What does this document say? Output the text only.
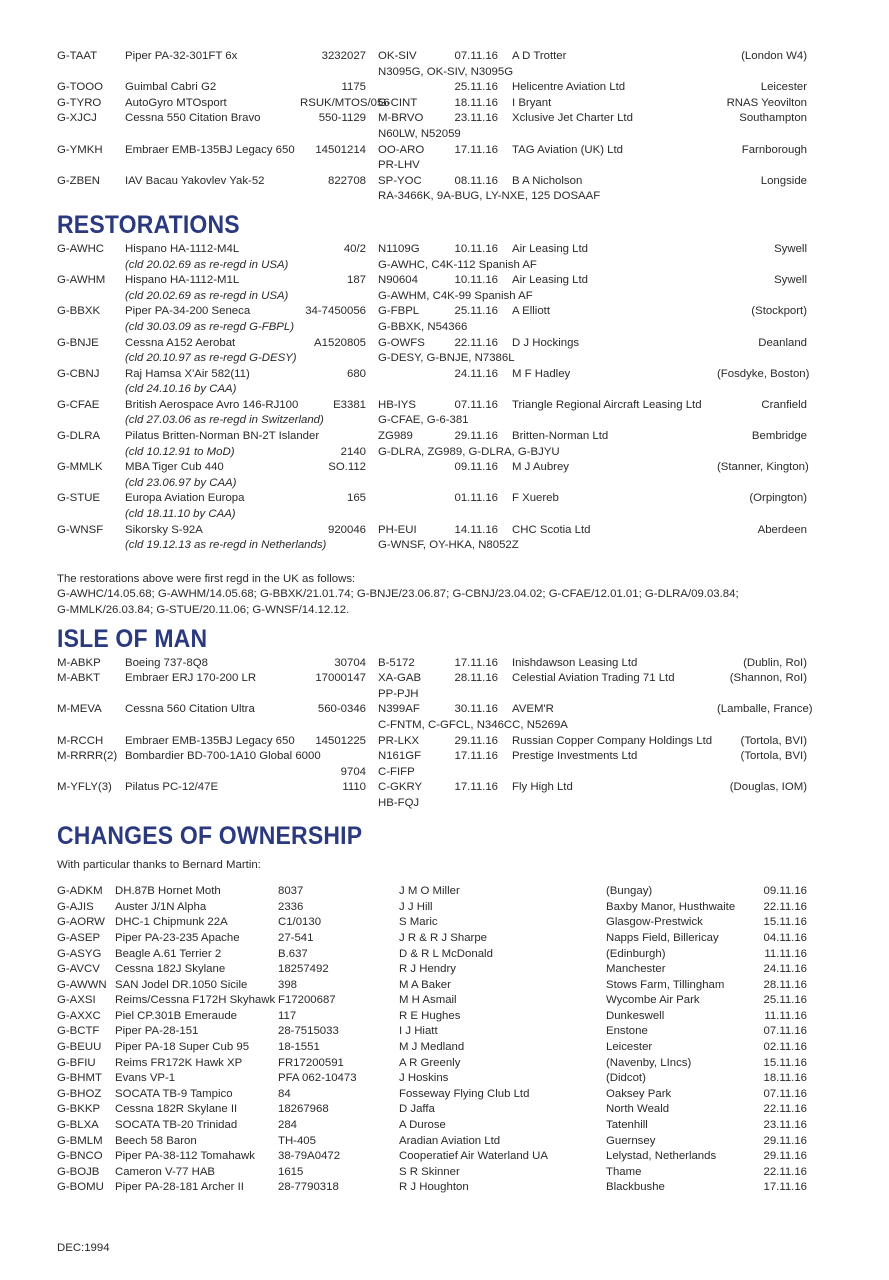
G-TAAT	Piper PA-32-301FT 6x	3232027	OK-SIV	07.11.16	A D Trotter	(London W4)
			N3095G, OK-SIV, N3095G			
G-TOOO	Guimbal Cabri G2	1175		25.11.16	Helicentre Aviation Ltd	Leicester
G-TYRO	AutoGyro MTOsport	RSUK/MTOS/056	G-CINT	18.11.16	I Bryant	RNAS Yeovilton
G-XJCJ	Cessna 550 Citation Bravo	550-1129	M-BRVO	23.11.16	Xclusive Jet Charter Ltd	Southampton
			N60LW, N52059			
G-YMKH	Embraer EMB-135BJ Legacy 650	14501214	OO-ARO	17.11.16	TAG Aviation (UK) Ltd	Farnborough
			PR-LHV			
G-ZBEN	IAV Bacau Yakovlev Yak-52	822708	SP-YOC	08.11.16	B A Nicholson	Longside
			RA-3466K, 9A-BUG, LY-NXE, 125 DOSAAF			
RESTORATIONS
G-AWHC	Hispano HA-1112-M4L	40/2	N1109G	10.11.16	Air Leasing Ltd	Sywell
	(cld 20.02.69 as re-regd in USA)		G-AWHC, C4K-112 Spanish AF			
G-AWHM	Hispano HA-1112-M1L	187	N90604	10.11.16	Air Leasing Ltd	Sywell
	(cld 20.02.69 as re-regd in USA)		G-AWHM, C4K-99 Spanish AF			
G-BBXK	Piper PA-34-200 Seneca	34-7450056	G-FBPL	25.11.16	A Elliott	(Stockport)
	(cld 30.03.09 as re-regd G-FBPL)		G-BBXK, N54366			
G-BNJE	Cessna A152 Aerobat	A1520805	G-OWFS	22.11.16	D J Hockings	Deanland
	(cld 20.10.97 as re-regd G-DESY)		G-DESY, G-BNJE, N7386L			
G-CBNJ	Raj Hamsa X'Air 582(11)	680		24.11.16	M F Hadley	(Fosdyke, Boston)
	(cld 24.10.16 by CAA)					
G-CFAE	British Aerospace Avro 146-RJ100	E3381	HB-IYS	07.11.16	Triangle Regional Aircraft Leasing Ltd	Cranfield
	(cld 27.03.06 as re-regd in Switzerland)		G-CFAE, G-6-381			
G-DLRA	Pilatus Britten-Norman BN-2T Islander		ZG989	29.11.16	Britten-Norman Ltd	Bembridge
	(cld 10.12.91 to MoD)	2140	G-DLRA, ZG989, G-DLRA, G-BJYU			
G-MMLK	MBA Tiger Cub 440	SO.112		09.11.16	M J Aubrey	(Stanner, Kington)
	(cld 23.06.97 by CAA)					
G-STUE	Europa Aviation Europa	165		01.11.16	F Xuereb	(Orpington)
	(cld 18.11.10 by CAA)					
G-WNSF	Sikorsky S-92A	920046	PH-EUI	14.11.16	CHC Scotia Ltd	Aberdeen
	(cld 19.12.13 as re-regd in Netherlands)		G-WNSF, OY-HKA, N8052Z			

The restorations above were first regd in the UK as follows:
G-AWHC/14.05.68; G-AWHM/14.05.68; G-BBXK/21.01.74; G-BNJE/23.06.87; G-CBNJ/23.04.02; G-CFAE/12.01.01; G-DLRA/09.03.84;
G-MMLK/26.03.84; G-STUE/20.11.06; G-WNSF/14.12.12.

ISLE OF MAN
M-ABKP	Boeing 737-8Q8	30704	B-5172	17.11.16	Inishdawson Leasing Ltd	(Dublin, RoI)
M-ABKT	Embraer ERJ 170-200 LR	17000147	XA-GAB	28.11.16	Celestial Aviation Trading 71 Ltd	(Shannon, RoI)
			PP-PJH			
M-MEVA	Cessna 560 Citation Ultra	560-0346	N399AF	30.11.16	AVEM'R	(Lamballe, France)
			C-FNTM, C-GFCL, N346CC, N5269A			
M-RCCH	Embraer EMB-135BJ Legacy 650	14501225	PR-LKX	29.11.16	Russian Copper Company Holdings Ltd	(Tortola, BVI)
M-RRRR(2)	Bombardier BD-700-1A10 Global 6000		N161GF	17.11.16	Prestige Investments Ltd	(Tortola, BVI)
		9704	C-FIFP			
M-YFLY(3)	Pilatus PC-12/47E	1110	C-GKRY	17.11.16	Fly High Ltd	(Douglas, IOM)
			HB-FQJ			
CHANGES OF OWNERSHIP

With particular thanks to Bernard Martin:

G-ADKM	DH.87B Hornet Moth	8037	J M O Miller	(Bungay)	09.11.16
G-AJIS	Auster J/1N Alpha	2336	J J Hill	Baxby Manor, Husthwaite	22.11.16
G-AORW	DHC-1 Chipmunk 22A	C1/0130	S Maric	Glasgow-Prestwick	15.11.16
G-ASEP	Piper PA-23-235 Apache	27-541	J R & R J Sharpe	Napps Field, Billericay	04.11.16
G-ASYG	Beagle A.61 Terrier 2	B.637	D & R L McDonald	(Edinburgh)	11.11.16
G-AVCV	Cessna 182J Skylane	18257492	R J Hendry	Manchester	24.11.16
G-AWWN	SAN Jodel DR.1050 Sicile	398	M A Baker	Stows Farm, Tillingham	28.11.16
G-AXSI	Reims/Cessna F172H Skyhawk	F17200687	M H Asmail	Wycombe Air Park	25.11.16
G-AXXC	Piel CP.301B Emeraude	117	R E Hughes	Dunkeswell	11.11.16
G-BCTF	Piper PA-28-151	28-7515033	I J Hiatt	Enstone	07.11.16
G-BEUU	Piper PA-18 Super Cub 95	18-1551	M J Medland	Leicester	02.11.16
G-BFIU	Reims FR172K Hawk XP	FR17200591	A R Greenly	(Navenby, LIncs)	15.11.16
G-BHMT	Evans VP-1	PFA 062-10473	J Hoskins	(Didcot)	18.11.16
G-BHOZ	SOCATA TB-9 Tampico	84	Fosseway Flying Club Ltd	Oaksey Park	07.11.16
G-BKKP	Cessna 182R Skylane II	18267968	D Jaffa	North Weald	22.11.16
G-BLXA	SOCATA TB-20 Trinidad	284	A Durose	Tatenhill	23.11.16
G-BMLM	Beech 58 Baron	TH-405	Aradian Aviation Ltd	Guernsey	29.11.16
G-BNCO	Piper PA-38-112 Tomahawk	38-79A0472	Cooperatief Air Waterland UA	Lelystad, Netherlands	29.11.16
G-BOJB	Cameron V-77 HAB	1615	S R Skinner	Thame	22.11.16
G-BOMU	Piper PA-28-181 Archer II	28-7790318	R J Houghton	Blackbushe	17.11.16
DEC:1994
